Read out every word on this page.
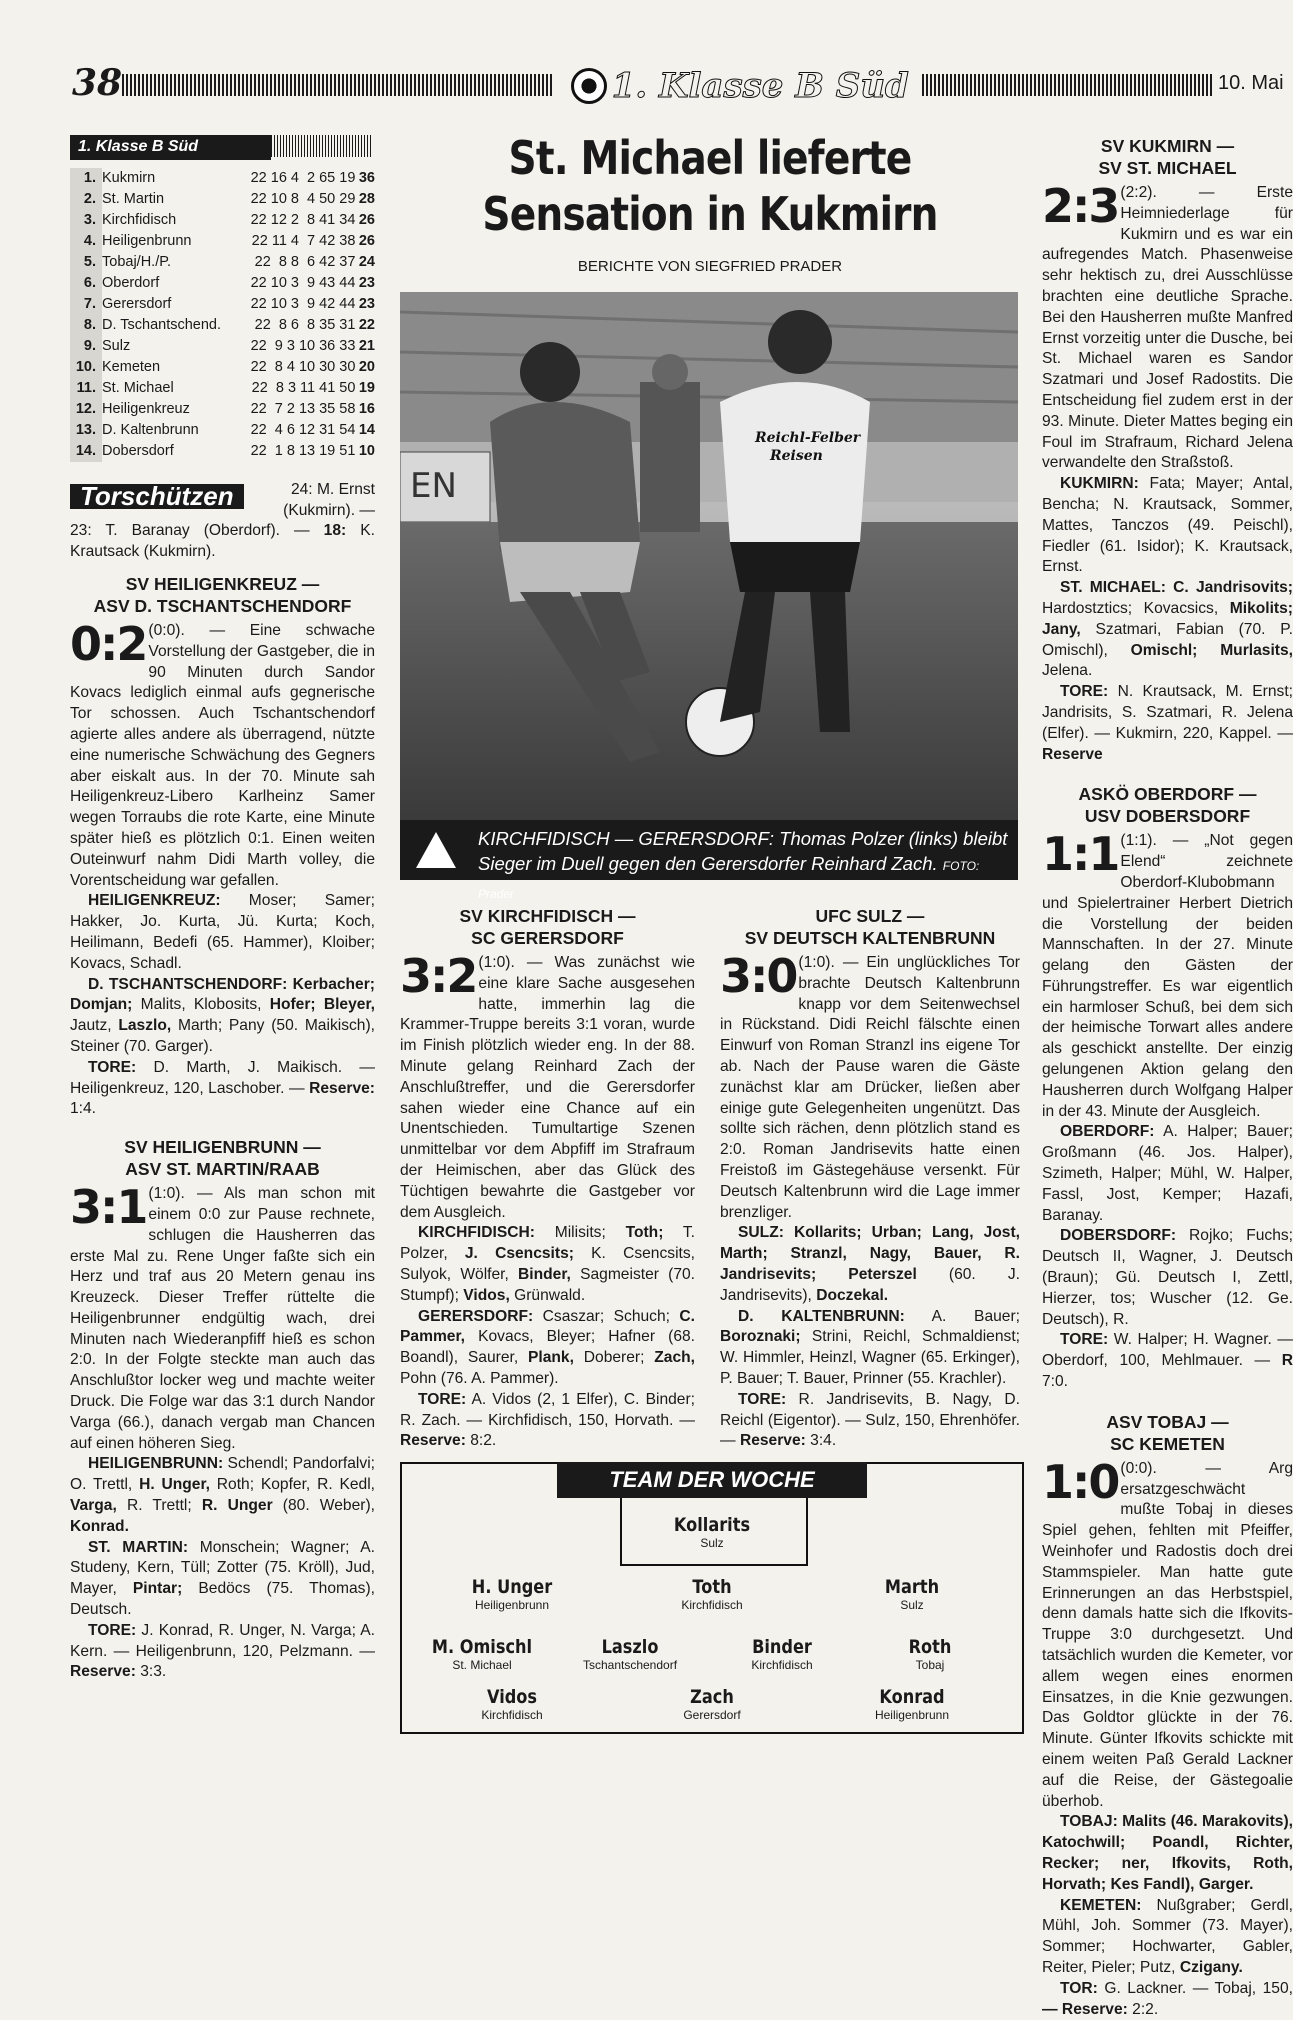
38	1. Klasse B Süd	10. Mai
1. Klasse B Süd
1.	Kukmirn	22 16 4  2 65 19	36
2.	St. Martin	22 10 8  4 50 29	28
3.	Kirchfidisch	22 12 2  8 41 34	26
4.	Heiligenbrunn	22 11 4  7 42 38	26
5.	Tobaj/H./P.	22  8 8  6 42 37	24
6.	Oberdorf	22 10 3  9 43 44	23
7.	Gerersdorf	22 10 3  9 42 44	23
8.	D. Tschantschend.	22  8 6  8 35 31	22
9.	Sulz	22  9 3 10 36 33	21
10.	Kemeten	22  8 4 10 30 30	20
11.	St. Michael	22  8 3 11 41 50	19
12.	Heiligenkreuz	22  7 2 13 35 58	16
13.	D. Kaltenbrunn	22  4 6 12 31 54	14
14.	Dobersdorf	22  1 8 13 19 51	10
Torschützen	24: M. Ernst (Kukmirn). —

23: T. Baranay (Oberdorf). — 18: K. Krautsack (Kukmirn).

SV HEILIGENKREUZ —
ASV D. TSCHANTSCHENDORF

0:2 (0:0). — Eine schwache Vorstellung der Gastgeber, die in 90 Minuten durch Sandor Kovacs lediglich einmal aufs gegnerische Tor schossen. Auch Tschantschendorf agierte alles andere als überragend, nützte eine numerische Schwächung des Gegners aber eiskalt aus. In der 70. Minute sah Heiligenkreuz-Libero Karlheinz Samer wegen Torraubs die rote Karte, eine Minute später hieß es plötzlich 0:1. Einen weiten Outeinwurf nahm Didi Marth volley, die Vorentscheidung war gefallen.

HEILIGENKREUZ: Moser; Samer; Hakker, Jo. Kurta, Jü. Kurta; Koch, Heilimann, Bedefi (65. Hammer), Kloiber; Kovacs, Schadl.

D. TSCHANTSCHENDORF: Kerbacher; Domjan; Malits, Klobosits, Hofer; Bleyer, Jautz, Laszlo, Marth; Pany (50. Maikisch), Steiner (70. Garger).

TORE: D. Marth, J. Maikisch. — Heiligenkreuz, 120, Laschober. — Reserve: 1:4.

SV HEILIGENBRUNN —
ASV ST. MARTIN/RAAB

3:1 (1:0). — Als man schon mit einem 0:0 zur Pause rechnete, schlugen die Hausherren das erste Mal zu. Rene Unger faßte sich ein Herz und traf aus 20 Metern genau ins Kreuzeck. Dieser Treffer rüttelte die Heiligenbrunner endgültig wach, drei Minuten nach Wiederanpfiff hieß es schon 2:0. In der Folgte steckte man auch das Anschlußtor locker weg und machte weiter Druck. Die Folge war das 3:1 durch Nandor Varga (66.), danach vergab man Chancen auf einen höheren Sieg.

HEILIGENBRUNN: Schendl; Pandorfalvi; O. Trettl, H. Unger, Roth; Kopfer, R. Kedl, Varga, R. Trettl; R. Unger (80. Weber), Konrad.

ST. MARTIN: Monschein; Wagner; A. Studeny, Kern, Tüll; Zotter (75. Kröll), Jud, Mayer, Pintar; Bedöcs (75. Thomas), Deutsch.

TORE: J. Konrad, R. Unger, N. Varga; A. Kern. — Heiligenbrunn, 120, Pelzmann. — Reserve: 3:3.

St. Michael lieferte
Sensation in Kukmirn
BERICHTE VON SIEGFRIED PRADER
EN
Reichl-Felber
Reisen
KIRCHFIDISCH — GERERSDORF: Thomas Polzer (links) bleibt Sieger im Duell gegen den Gerersdorfer Reinhard Zach. FOTO: Prader
SV KIRCHFIDISCH —
SC GERERSDORF

3:2 (1:0). — Was zunächst wie eine klare Sache ausgesehen hatte, immerhin lag die Krammer-Truppe bereits 3:1 voran, wurde im Finish plötzlich wieder eng. In der 88. Minute gelang Reinhard Zach der Anschlußtreffer, und die Gerersdorfer sahen wieder eine Chance auf ein Unentschieden. Tumultartige Szenen unmittelbar vor dem Abpfiff im Strafraum der Heimischen, aber das Glück des Tüchtigen bewahrte die Gastgeber vor dem Ausgleich.

KIRCHFIDISCH: Milisits; Toth; T. Polzer, J. Csencsits; K. Csencsits, Sulyok, Wölfer, Binder, Sagmeister (70. Stumpf); Vidos, Grünwald.

GERERSDORF: Csaszar; Schuch; C. Pammer, Kovacs, Bleyer; Hafner (68. Boandl), Saurer, Plank, Doberer; Zach, Pohn (76. A. Pammer).

TORE: A. Vidos (2, 1 Elfer), C. Binder; R. Zach. — Kirchfidisch, 150, Horvath. — Reserve: 8:2.

UFC SULZ —
SV DEUTSCH KALTENBRUNN

3:0 (1:0). — Ein unglückliches Tor brachte Deutsch Kaltenbrunn knapp vor dem Seitenwechsel in Rückstand. Didi Reichl fälschte einen Einwurf von Roman Stranzl ins eigene Tor ab. Nach der Pause waren die Gäste zunächst klar am Drücker, ließen aber einige gute Gelegenheiten ungenützt. Das sollte sich rächen, denn plötzlich stand es 2:0. Roman Jandrisevits hatte einen Freistoß im Gästegehäuse versenkt. Für Deutsch Kaltenbrunn wird die Lage immer brenzliger.

SULZ: Kollarits; Urban; Lang, Jost, Marth; Stranzl, Nagy, Bauer, R. Jandrisevits; Peterszel (60. J. Jandrisevits), Doczekal.

D. KALTENBRUNN: A. Bauer; Boroznaki; Strini, Reichl, Schmaldienst; W. Himmler, Heinzl, Wagner (65. Erkinger), P. Bauer; T. Bauer, Prinner (55. Krachler).

TORE: R. Jandrisevits, B. Nagy, D. Reichl (Eigentor). — Sulz, 150, Ehrenhöfer. — Reserve: 3:4.

TEAM DER WOCHE
Kollarits
Sulz
H. Unger
Heiligenbrunn
Toth
Kirchfidisch
Marth
Sulz
M. Omischl
St. Michael
Laszlo
Tschantschendorf
Binder
Kirchfidisch
Roth
Tobaj
Vidos
Kirchfidisch
Zach
Gerersdorf
Konrad
Heiligenbrunn
SV KUKMIRN —
SV ST. MICHAEL

2:3 (2:2). — Erste Heimniederlage für Kukmirn und es war ein aufregendes Match. Phasenweise sehr hektisch zu, drei Ausschlüsse brachten eine deutliche Sprache. Bei den Hausherren mußte Manfred Ernst vorzeitig unter die Dusche, bei St. Michael waren es Sandor Szatmari und Josef Radostits. Die Entscheidung fiel zudem erst in der 93. Minute. Dieter Mattes beging ein Foul im Strafraum, Richard Jelena verwandelte den Straßstoß.

KUKMIRN: Fata; Mayer; Antal, Bencha; N. Krautsack, Sommer, Mattes, Tanczos (49. Peischl), Fiedler (61. Isidor); K. Krautsack, Ernst.

ST. MICHAEL: C. Jandrisovits; Hardostztics; Kovacsics, Mikolits; Jany, Szatmari, Fabian (70. P. Omischl), Omischl; Murlasits, Jelena.

TORE: N. Krautsack, M. Ernst; Jandrisits, S. Szatmari, R. Jelena (Elfer). — Kukmirn, 220, Kappel. — Reserve

ASKÖ OBERDORF —
USV DOBERSDORF

1:1 (1:1). — „Not gegen Elend“ zeichnete Oberdorf-Klubobmann und Spielertrainer Herbert Dietrich die Vorstellung der beiden Mannschaften. In der 27. Minute gelang den Gästen der Führungstreffer. Es war eigentlich ein harmloser Schuß, bei dem sich der heimische Torwart alles andere als geschickt anstellte. Der einzig gelungenen Aktion gelang den Hausherren durch Wolfgang Halper in der 43. Minute der Ausgleich.

OBERDORF: A. Halper; Bauer; Großmann (46. Jos. Halper), Szimeth, Halper; Mühl, W. Halper, Fassl, Jost, Kemper; Hazafi, Baranay.

DOBERSDORF: Rojko; Fuchs; Deutsch II, Wagner, J. Deutsch (Braun); Gü. Deutsch I, Zettl, Hierzer, tos; Wuscher (12. Ge. Deutsch), R.

TORE: W. Halper; H. Wagner. — Oberdorf, 100, Mehlmauer. — R 7:0.

ASV TOBAJ —
SC KEMETEN

1:0 (0:0). — Arg ersatzgeschwächt mußte Tobaj in dieses Spiel gehen, fehlten mit Pfeiffer, Weinhofer und Radostis doch drei Stammspieler. Man hatte gute Erinnerungen an das Herbstspiel, denn damals hatte sich die Ifkovits-Truppe 3:0 durchgesetzt. Und tatsächlich wurden die Kemeter, vor allem wegen eines enormen Einsatzes, in die Knie gezwungen. Das Goldtor glückte in der 76. Minute. Günter Ifkovits schickte mit einem weiten Paß Gerald Lackner auf die Reise, der Gästegoalie überhob.

TOBAJ: Malits (46. Marakovits), Katochwill; Poandl, Richter, Recker; ner, Ifkovits, Roth, Horvath; Kes Fandl), Garger.

KEMETEN: Nußgraber; Gerdl, Mühl, Joh. Sommer (73. Mayer), Sommer; Hochwarter, Gabler, Reiter, Pieler; Putz, Czigany.

TOR: G. Lackner. — Tobaj, 150, — Reserve: 2:2.
